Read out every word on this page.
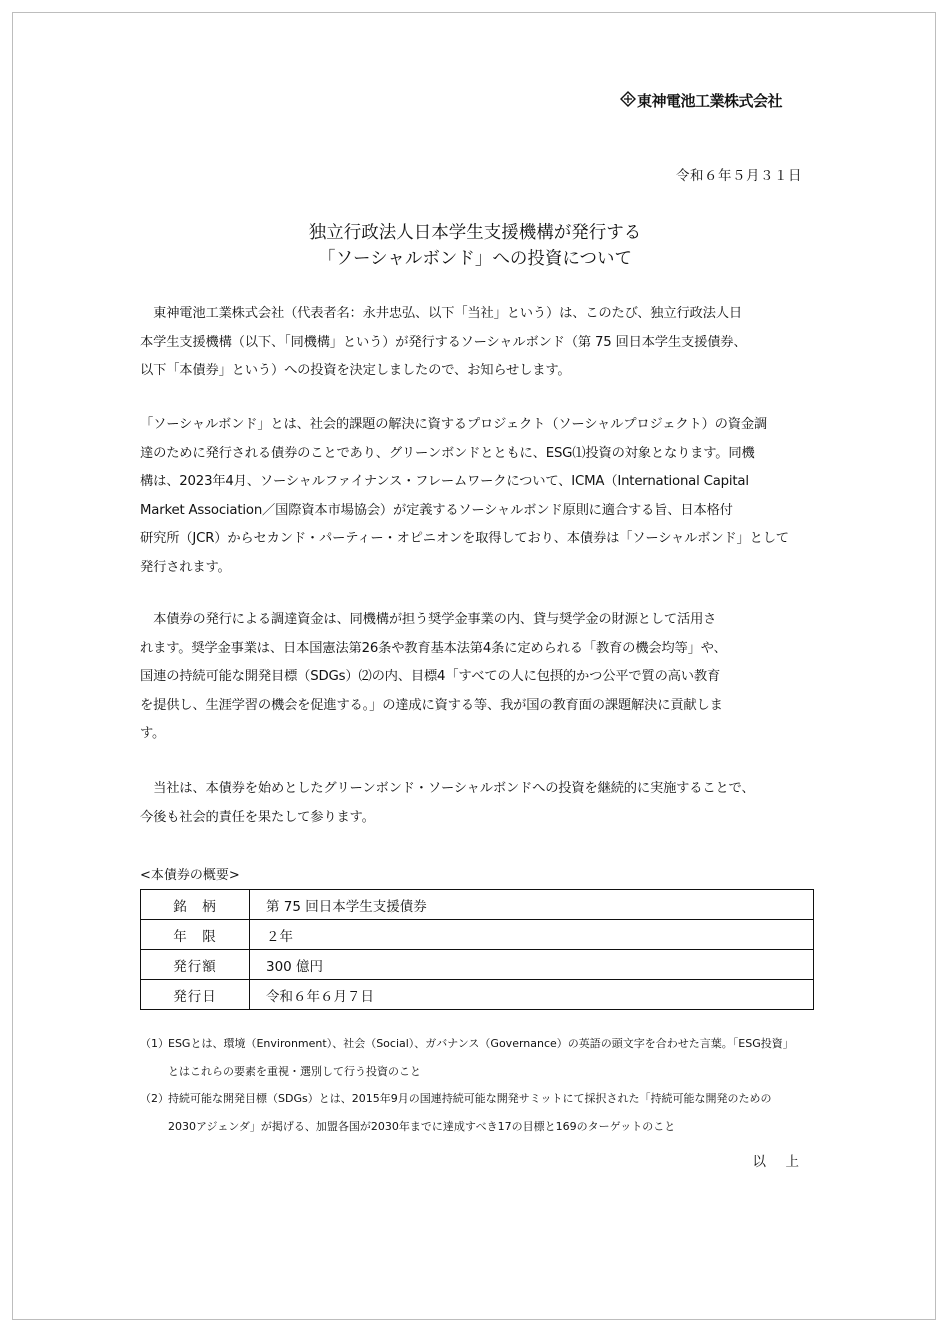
東神電池工業株式会社
令和６年５月３１日
独立行政法人日本学生支援機構が発行する
「ソーシャルボンド」への投資について
　東神電池工業株式会社（代表者名：永井忠弘、以下「当社」という）は、このたび、独立行政法人日
本学生支援機構（以下、「同機構」という）が発行するソーシャルボンド（第 75 回日本学生支援債券、
以下「本債券」という）への投資を決定しましたので、お知らせします。
「ソーシャルボンド」とは、社会的課題の解決に資するプロジェクト（ソーシャルプロジェクト）の資金調
達のために発行される債券のことであり、グリーンボンドとともに、ESG⑴投資の対象となります。同機
構は、2023年4月、ソーシャルファイナンス・フレームワークについて、ICMA（International Capital
Market Association／国際資本市場協会）が定義するソーシャルボンド原則に適合する旨、日本格付
研究所（JCR）からセカンド・パーティー・オピニオンを取得しており、本債券は「ソーシャルボンド」として
発行されます。
　本債券の発行による調達資金は、同機構が担う奨学金事業の内、貸与奨学金の財源として活用さ
れます。奨学金事業は、日本国憲法第26条や教育基本法第4条に定められる「教育の機会均等」や、
国連の持続可能な開発目標（SDGs）⑵の内、目標4「すべての人に包摂的かつ公平で質の高い教育
を提供し、生涯学習の機会を促進する。」の達成に資する等、我が国の教育面の課題解決に貢献しま
す。
　当社は、本債券を始めとしたグリーンボンド・ソーシャルボンドへの投資を継続的に実施することで、
今後も社会的責任を果たして参ります。
<本債券の概要>
銘　柄	第 75 回日本学生支援債券
年　限	２年
発行額	300 億円
発行日	令和６年６月７日
（1） ESGとは、環境（Environment）、社会（Social）、ガバナンス（Governance）の英語の頭文字を合わせた言葉。「ESG投資」
とはこれらの要素を重視・選別して行う投資のこと
（2） 持続可能な開発目標（SDGs）とは、2015年9月の国連持続可能な開発サミットにて採択された「持続可能な開発のための
2030アジェンダ」が掲げる、加盟各国が2030年までに達成すべき17の目標と169のターゲットのこと
以　上
